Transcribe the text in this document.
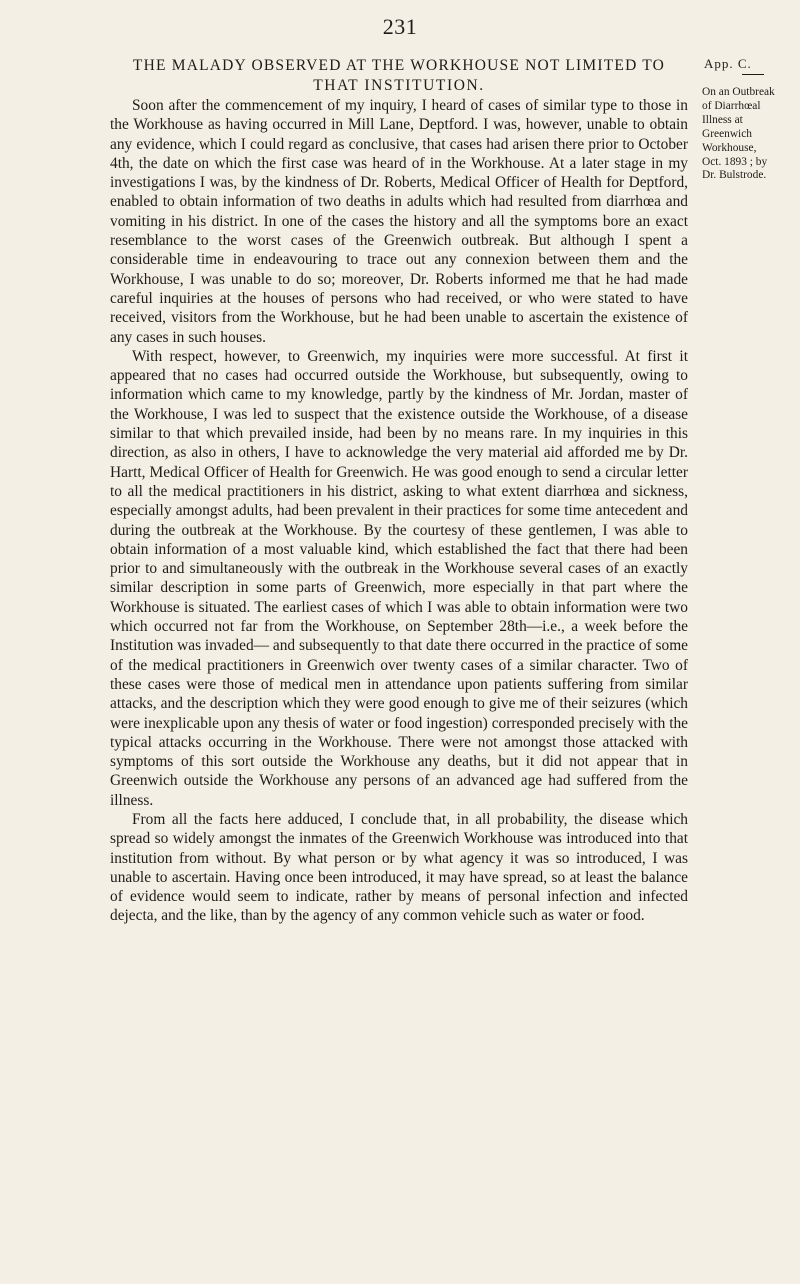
231
THE MALADY OBSERVED AT THE WORKHOUSE NOT LIMITED TO
THAT INSTITUTION.
App. C.
On an Outbreak
of Diarrhœal
Illness at
Greenwich
Workhouse,
Oct. 1893 ; by
Dr. Bulstrode.

Soon after the commencement of my inquiry, I heard of cases of similar type to those in the Workhouse as having occurred in Mill Lane, Deptford. I was, however, unable to obtain any evidence, which I could regard as conclusive, that cases had arisen there prior to October 4th, the date on which the first case was heard of in the Workhouse. At a later stage in my investigations I was, by the kindness of Dr. Roberts, Medical Officer of Health for Deptford, enabled to obtain information of two deaths in adults which had resulted from diarrhœa and vomiting in his district. In one of the cases the history and all the symptoms bore an exact resemblance to the worst cases of the Greenwich outbreak. But although I spent a considerable time in endeavouring to trace out any connexion between them and the Workhouse, I was unable to do so; moreover, Dr. Roberts informed me that he had made careful inquiries at the houses of persons who had received, or who were stated to have received, visitors from the Workhouse, but he had been unable to ascertain the existence of any cases in such houses.

With respect, however, to Greenwich, my inquiries were more successful. At first it appeared that no cases had occurred outside the Workhouse, but subsequently, owing to information which came to my knowledge, partly by the kindness of Mr. Jordan, master of the Workhouse, I was led to suspect that the existence outside the Workhouse, of a disease similar to that which prevailed inside, had been by no means rare. In my inquiries in this direction, as also in others, I have to acknowledge the very material aid afforded me by Dr. Hartt, Medical Officer of Health for Greenwich. He was good enough to send a circular letter to all the medical practitioners in his district, asking to what extent diarrhœa and sickness, especially amongst adults, had been prevalent in their practices for some time antecedent and during the outbreak at the Workhouse. By the courtesy of these gentlemen, I was able to obtain information of a most valuable kind, which established the fact that there had been prior to and simultaneously with the outbreak in the Workhouse several cases of an exactly similar description in some parts of Greenwich, more especially in that part where the Workhouse is situated. The earliest cases of which I was able to obtain information were two which occurred not far from the Workhouse, on September 28th—i.e., a week before the Institution was invaded— and subsequently to that date there occurred in the practice of some of the medical practitioners in Greenwich over twenty cases of a similar character. Two of these cases were those of medical men in attendance upon patients suffering from similar attacks, and the description which they were good enough to give me of their seizures (which were inexplicable upon any thesis of water or food ingestion) corresponded precisely with the typical attacks occurring in the Workhouse. There were not amongst those attacked with symptoms of this sort outside the Workhouse any deaths, but it did not appear that in Greenwich outside the Workhouse any persons of an advanced age had suffered from the illness.

From all the facts here adduced, I conclude that, in all probability, the disease which spread so widely amongst the inmates of the Greenwich Workhouse was introduced into that institution from without. By what person or by what agency it was so introduced, I was unable to ascertain. Having once been introduced, it may have spread, so at least the balance of evidence would seem to indicate, rather by means of personal infection and infected dejecta, and the like, than by the agency of any common vehicle such as water or food.
